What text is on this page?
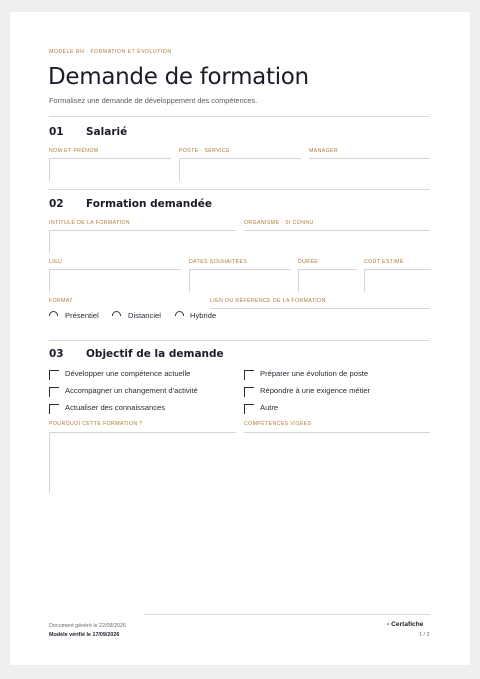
MODÈLE RH · FORMATION ET ÉVOLUTION
Demande de formation
Formalisez une demande de développement des compétences.
01 Salarié
NOM ET PRÉNOM	POSTE · SERVICE	MANAGER
02 Formation demandée
INTITULÉ DE LA FORMATION	ORGANISME · SI CONNU
LIEU	DATES SOUHAITÉES	DURÉE	COÛT ESTIMÉ
FORMAT
Présentiel	Distanciel	Hybride
LIEN OU RÉFÉRENCE DE LA FORMATION
03 Objectif de la demande
Développer une compétence actuelle	Préparer une évolution de poste
Accompagner un changement d'activité	Répondre à une exigence métier
Actualiser des connaissances	Autre
POURQUOI CETTE FORMATION ?	COMPÉTENCES VISÉES
Document généré le 22/09/2026
Modèle vérifié le 17/09/2026
• Certafiche
1 / 2
